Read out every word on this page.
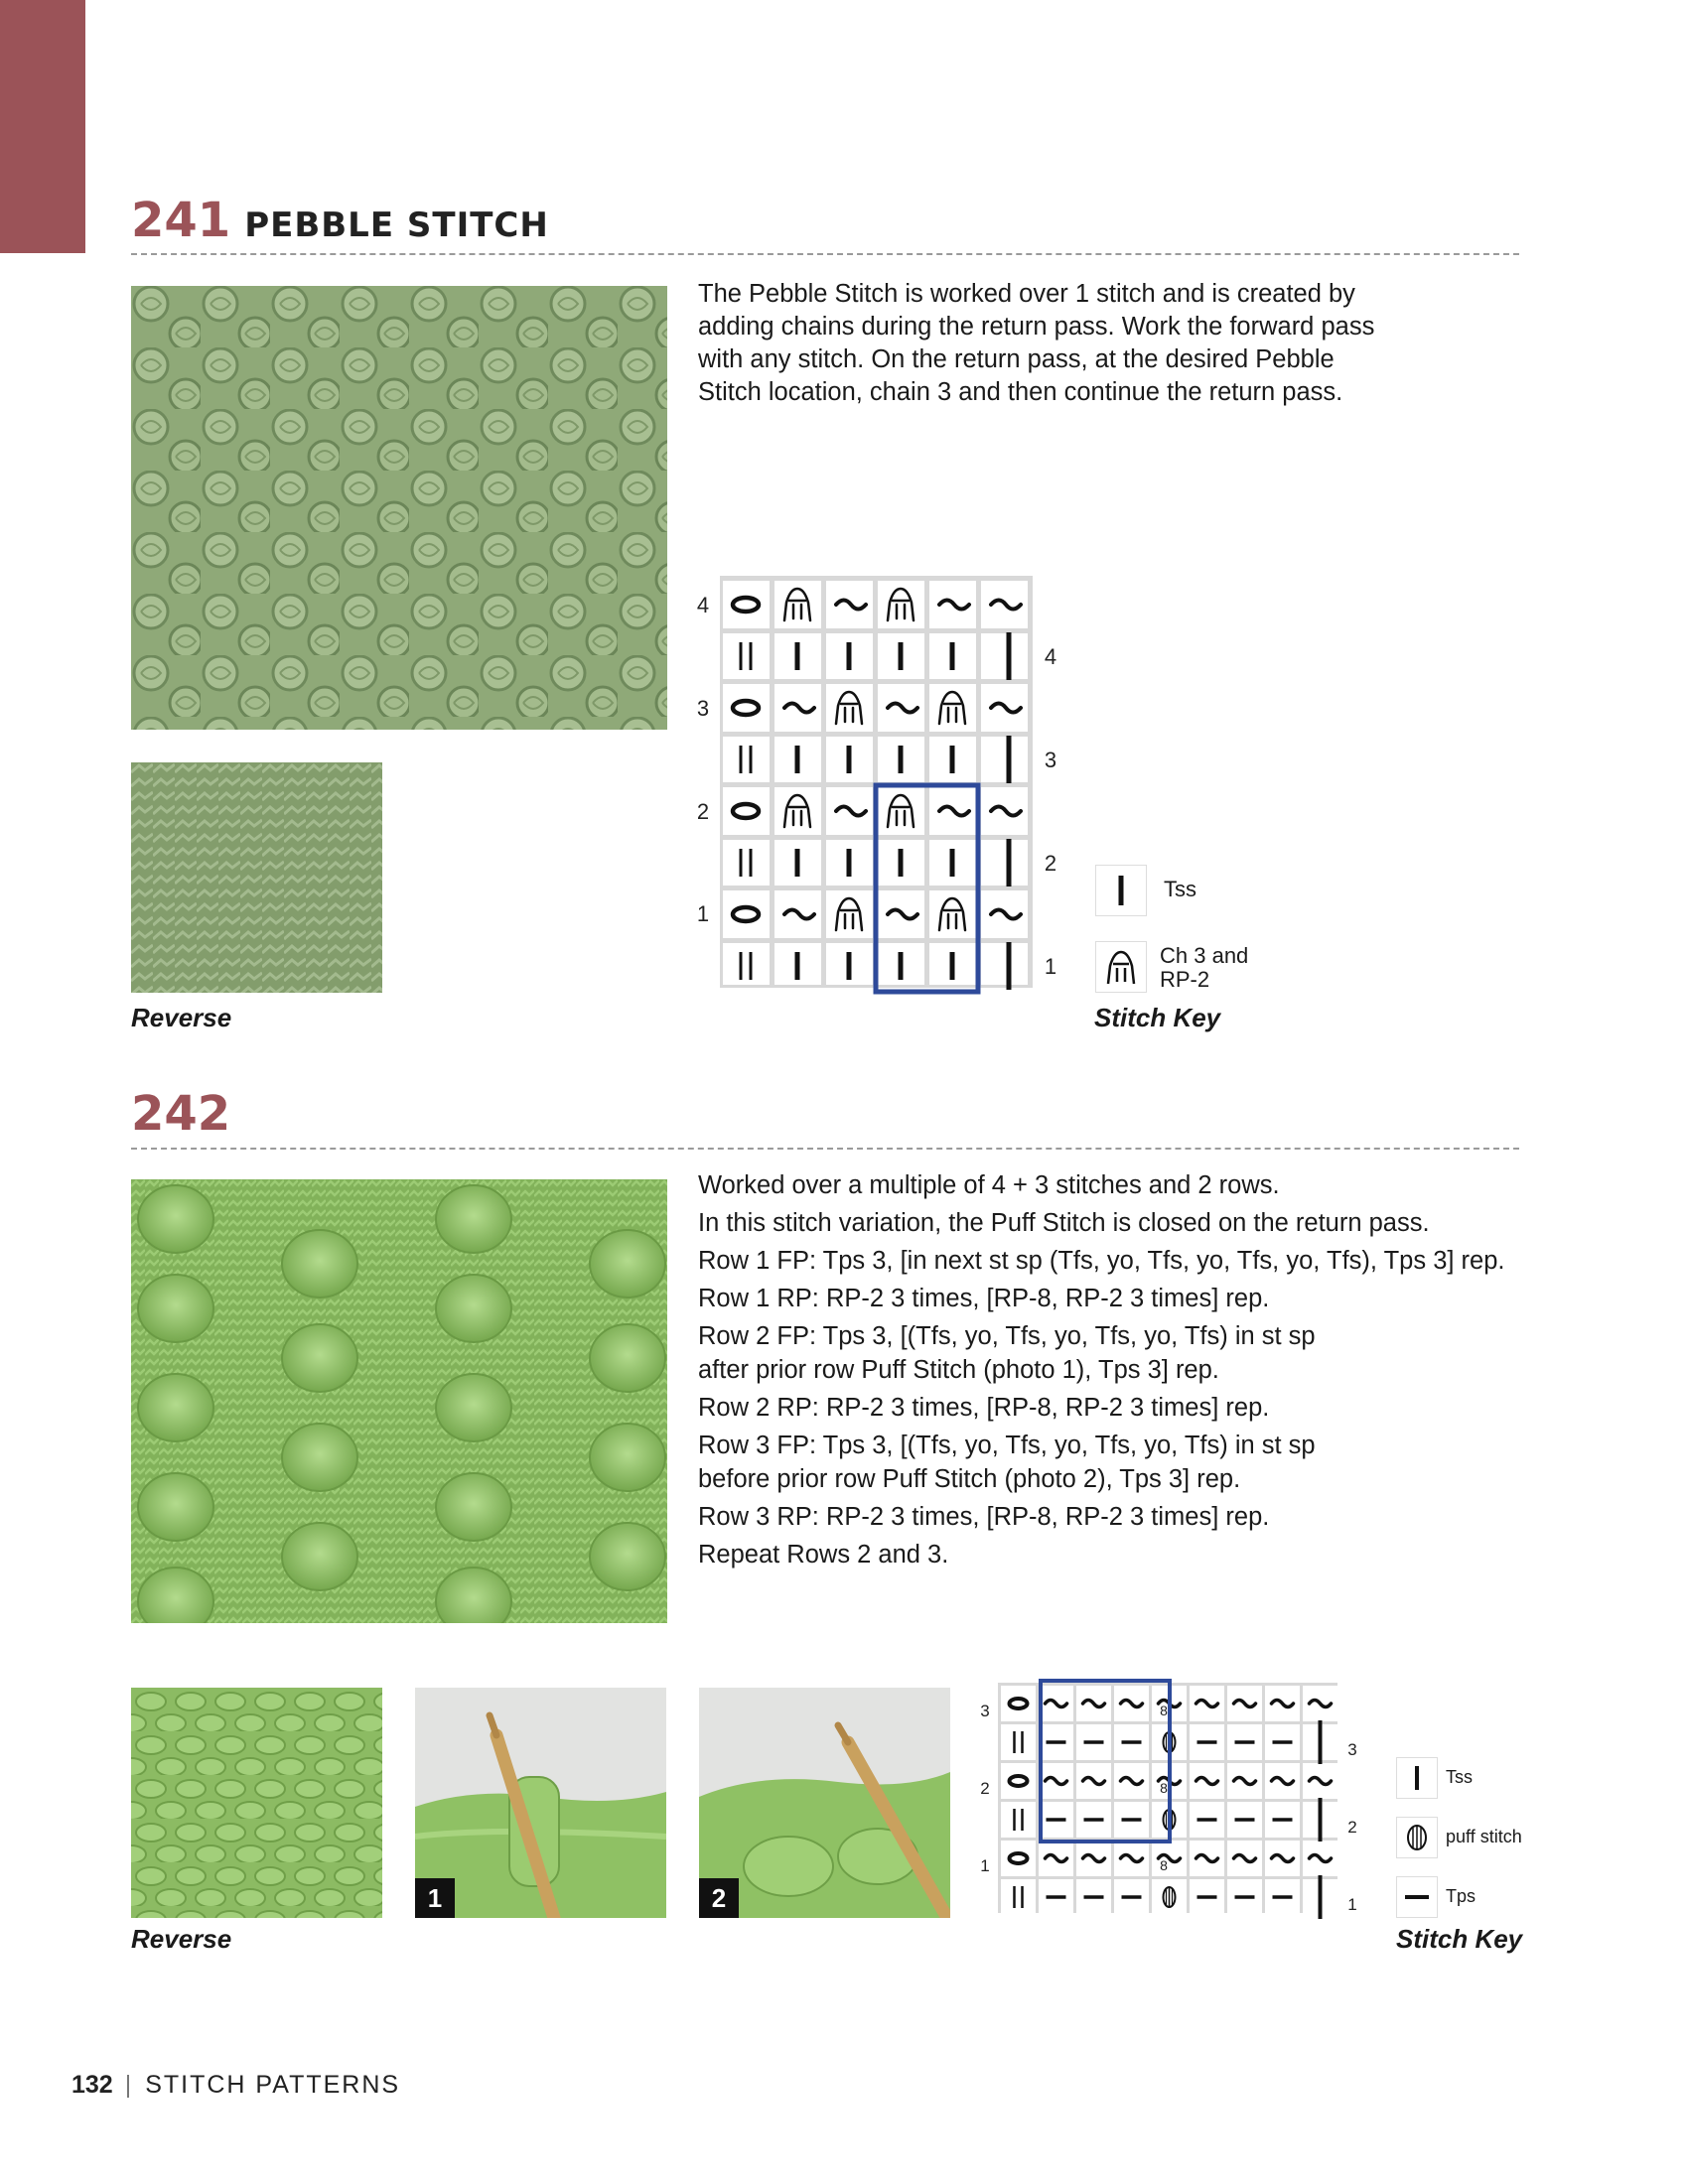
241 PEBBLE STITCH
Reverse

The Pebble Stitch is worked over 1 stitch and is created by

adding chains during the return pass. Work the forward pass

with any stitch. On the return pass, at the desired Pebble

Stitch location, chain 3 and then continue the return pass.

4
3
2
1
4
3
2
1
Tss
Ch 3 and
RP-2
Stitch Key
242
Worked over a multiple of 4 + 3 stitches and 2 rows.
In this stitch variation, the Puff Stitch is closed on the return pass.
Row 1 FP: Tps 3, [in next st sp (Tfs, yo, Tfs, yo, Tfs, yo, Tfs), Tps 3] rep.
Row 1 RP: RP-2 3 times, [RP-8, RP-2 3 times] rep.
Row 2 FP: Tps 3, [(Tfs, yo, Tfs, yo, Tfs, yo, Tfs) in st sp
after prior row Puff Stitch (photo 1), Tps 3] rep.
Row 2 RP: RP-2 3 times, [RP-8, RP-2 3 times] rep.
Row 3 FP: Tps 3, [(Tfs, yo, Tfs, yo, Tfs, yo, Tfs) in st sp
before prior row Puff Stitch (photo 2), Tps 3] rep.
Row 3 RP: RP-2 3 times, [RP-8, RP-2 3 times] rep.
Repeat Rows 2 and 3.
Reverse
1	2
3
2
1
3
2
1
8
8
8
Tss
puff stitch
Tps
Stitch Key
132 | STITCH PATTERNS
